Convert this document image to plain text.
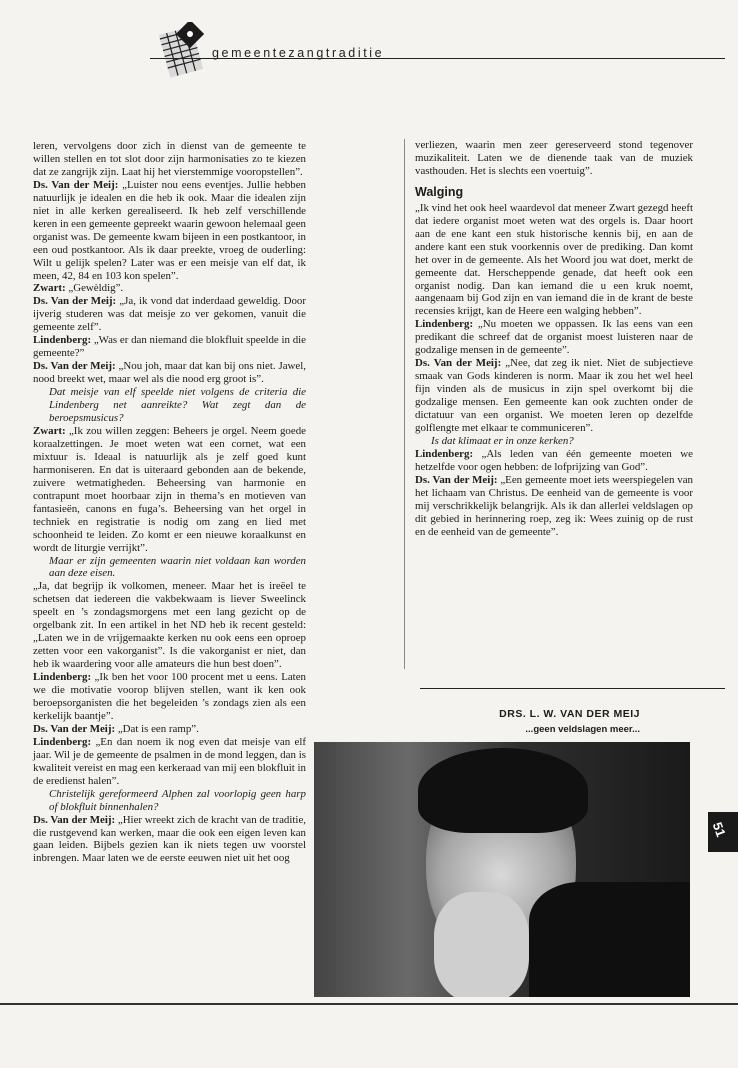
gemeentezangtraditie

leren, vervolgens door zich in dienst van de gemeente te willen stellen en tot slot door zijn harmonisaties zo te kiezen dat ze zangrijk zijn. Laat hij het vierstemmige vooropstellen”.

Ds. Van der Meij: „Luister nou eens eventjes. Jullie hebben natuurlijk je idealen en die heb ik ook. Maar die idealen zijn niet in alle kerken gerealiseerd. Ik heb zelf verschillende keren in een gemeente gepreekt waarin gewoon helemaal geen organist was. De gemeente kwam bijeen in een postkantoor, in een oud postkantoor. Als ik daar preekte, vroeg de ouderling: Wilt u gelijk spelen? Later was er een meisje van elf dat, ik meen, 42, 84 en 103 kon spelen”.

Zwart: „Gewèldig”.

Ds. Van der Meij: „Ja, ik vond dat inderdaad geweldig. Door ijverig studeren was dat meisje zo ver gekomen, vanuit die gemeente zelf”.

Lindenberg: „Was er dan niemand die blokfluit speelde in die gemeente?”

Ds. Van der Meij: „Nou joh, maar dat kan bij ons niet. Jawel, nood breekt wet, maar wel als die nood erg groot is”.

Dat meisje van elf speelde niet volgens de criteria die Lindenberg net aanreikte? Wat zegt dan de beroepsmusicus?

Zwart: „Ik zou willen zeggen: Beheers je orgel. Neem goede koraalzettingen. Je moet weten wat een cornet, wat een mixtuur is. Ideaal is natuurlijk als je zelf goed kunt harmoniseren. En dat is uiteraard gebonden aan de bekende, zuivere wetmatigheden. Beheersing van harmonie en contrapunt moet hoorbaar zijn in thema’s en motieven van fantasieën, canons en fuga’s. Beheersing van het orgel in techniek en registratie is nodig om zang en lied met schoonheid te leiden. Zo komt er een nieuwe koraalkunst en wordt de liturgie verrijkt”.

Maar er zijn gemeenten waarin niet voldaan kan worden aan deze eisen.

„Ja, dat begrijp ik volkomen, meneer. Maar het is ireëel te schetsen dat iedereen die vakbekwaam is liever Sweelinck speelt en ’s zondagsmorgens met een lang gezicht op de orgelbank zit. In een artikel in het ND heb ik recent gesteld: „Laten we in de vrijgemaakte kerken nu ook eens een oproep zetten voor een vakorganist”. Is die vakorganist er niet, dan heb ik waardering voor alle amateurs die hun best doen”.

Lindenberg: „Ik ben het voor 100 procent met u eens. Laten we die motivatie voorop blijven stellen, want ik ken ook beroepsorganisten die het begeleiden ’s zondags zien als een kerkelijk baantje”.

Ds. Van der Meij: „Dat is een ramp”.

Lindenberg: „En dan noem ik nog even dat meisje van elf jaar. Wil je de gemeente de psalmen in de mond leggen, dan is kwaliteit vereist en mag een kerkeraad van mij een blokfluit in de eredienst halen”.

Christelijk gereformeerd Alphen zal voorlopig geen harp of blokfluit binnenhalen?

Ds. Van der Meij: „Hier wreekt zich de kracht van de traditie, die rustgevend kan werken, maar die ook een eigen leven kan gaan leiden. Bijbels gezien kan ik niets tegen uw voorstel inbrengen. Maar laten we de eerste eeuwen niet uit het oog

verliezen, waarin men zeer gereserveerd stond tegenover muzikaliteit. Laten we de dienende taak van de muziek vasthouden. Het is slechts een voertuig”.

Walging

„Ik vind het ook heel waardevol dat meneer Zwart gezegd heeft dat iedere organist moet weten wat des orgels is. Daar hoort aan de ene kant een stuk historische kennis bij, en aan de andere kant een stuk voorkennis over de prediking. Dan komt het over in de gemeente. Als het Woord jou wat doet, merkt de gemeente dat. Herscheppende genade, dat heeft ook een organist nodig. Dan kan iemand die u een kruk noemt, aangenaam bij God zijn en van iemand die in de krant de beste recensies krijgt, kan de Heere een walging hebben”.

Lindenberg: „Nu moeten we oppassen. Ik las eens van een predikant die schreef dat de organist moest luisteren naar de godzalige mensen in de gemeente”.

Ds. Van der Meij: „Nee, dat zeg ik niet. Niet de subjectieve smaak van Gods kinderen is norm. Maar ik zou het wel heel fijn vinden als de musicus in zijn spel overkomt bij die godzalige mensen. Een gemeente kan ook zuchten onder de dictatuur van een organist. We moeten leren op dezelfde golflengte met elkaar te communiceren”.

Is dat klimaat er in onze kerken?

Lindenberg: „Als leden van één gemeente moeten we hetzelfde voor ogen hebben: de lofprijzing van God”.

Ds. Van der Meij: „Een gemeente moet iets weerspiegelen van het lichaam van Christus. De eenheid van de gemeente is voor mij verschrikkelijk belangrijk. Als ik dan allerlei veldslagen op dit gebied in herinnering roep, zeg ik: Wees zuinig op de rust en de eenheid van de gemeente”.

DRS. L. W. VAN DER MEIJ
...geen veldslagen meer...
51
